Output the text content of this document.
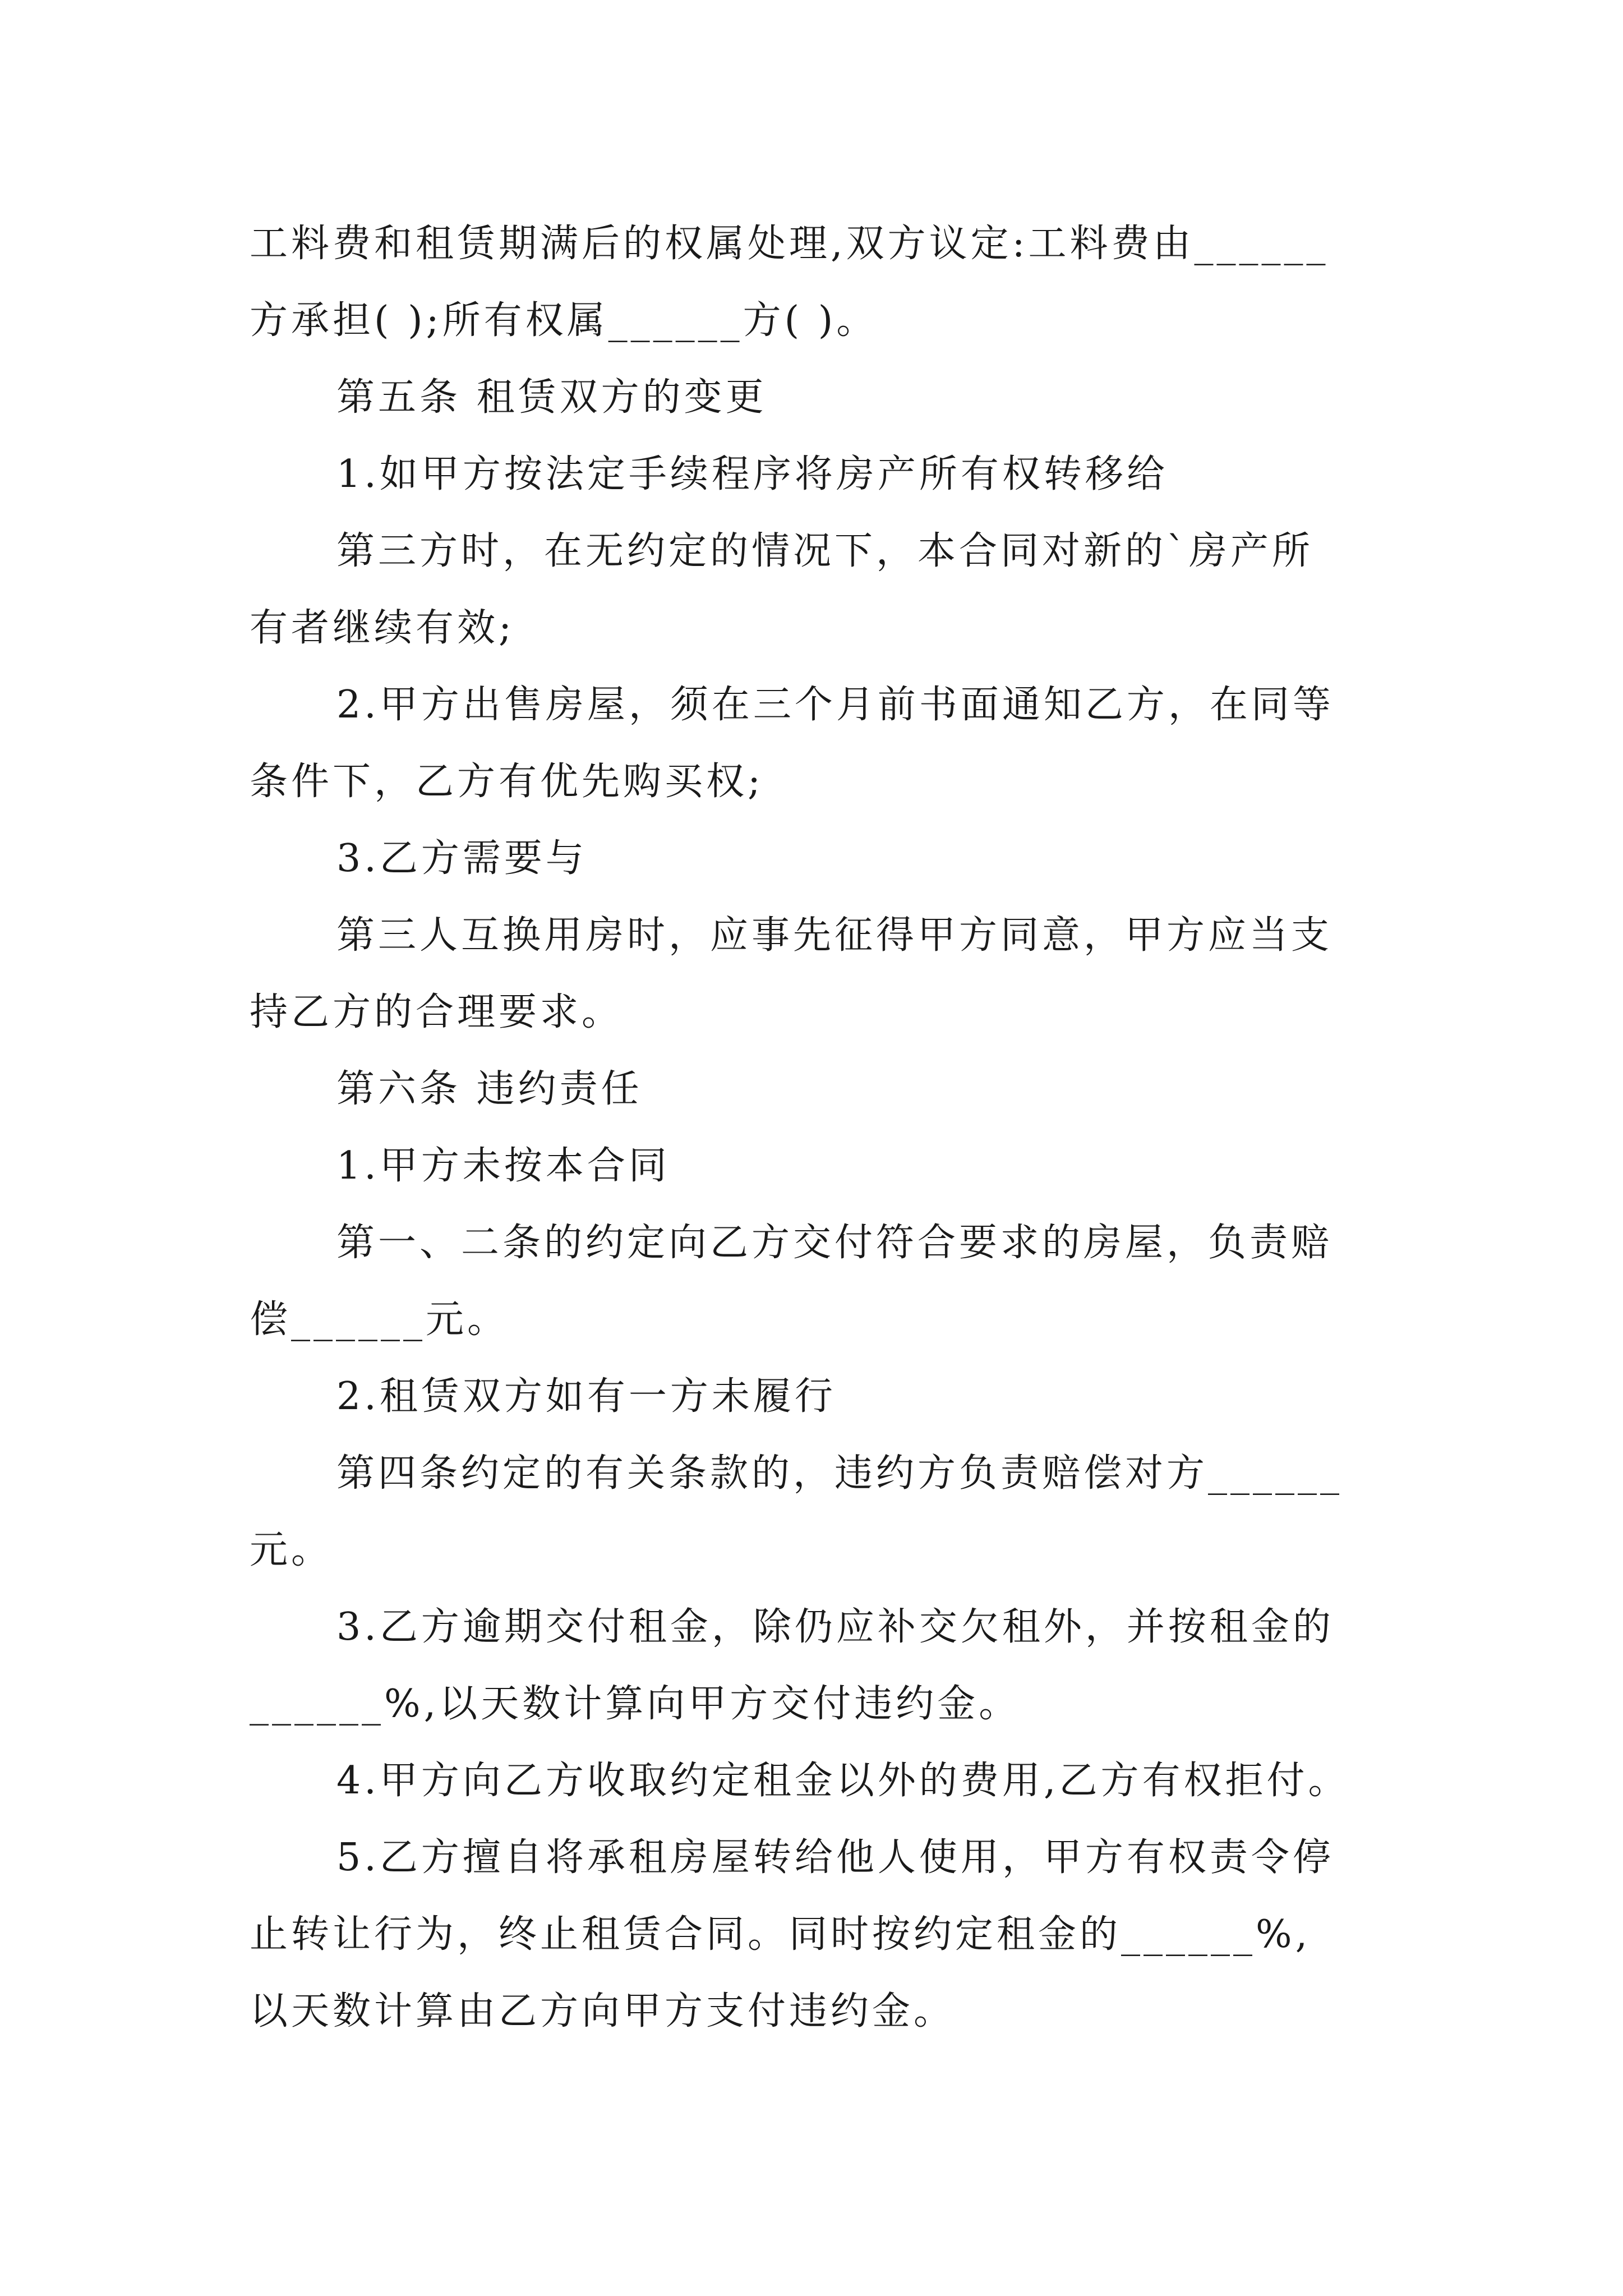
工料费和租赁期满后的权属处理,双方议定:工料费由______
方承担( );所有权属______方( )。
第五条 租赁双方的变更
1.如甲方按法定手续程序将房产所有权转移给
第三方时，在无约定的情况下，本合同对新的`房产所
有者继续有效;
2.甲方出售房屋，须在三个月前书面通知乙方，在同等
条件下，乙方有优先购买权;
3.乙方需要与
第三人互换用房时，应事先征得甲方同意，甲方应当支
持乙方的合理要求。
第六条 违约责任
1.甲方未按本合同
第一、二条的约定向乙方交付符合要求的房屋，负责赔
偿______元。
2.租赁双方如有一方未履行
第四条约定的有关条款的，违约方负责赔偿对方______
元。
3.乙方逾期交付租金，除仍应补交欠租外，并按租金的
______%,以天数计算向甲方交付违约金。
4.甲方向乙方收取约定租金以外的费用,乙方有权拒付。
5.乙方擅自将承租房屋转给他人使用，甲方有权责令停
止转让行为，终止租赁合同。同时按约定租金的______%,
以天数计算由乙方向甲方支付违约金。
